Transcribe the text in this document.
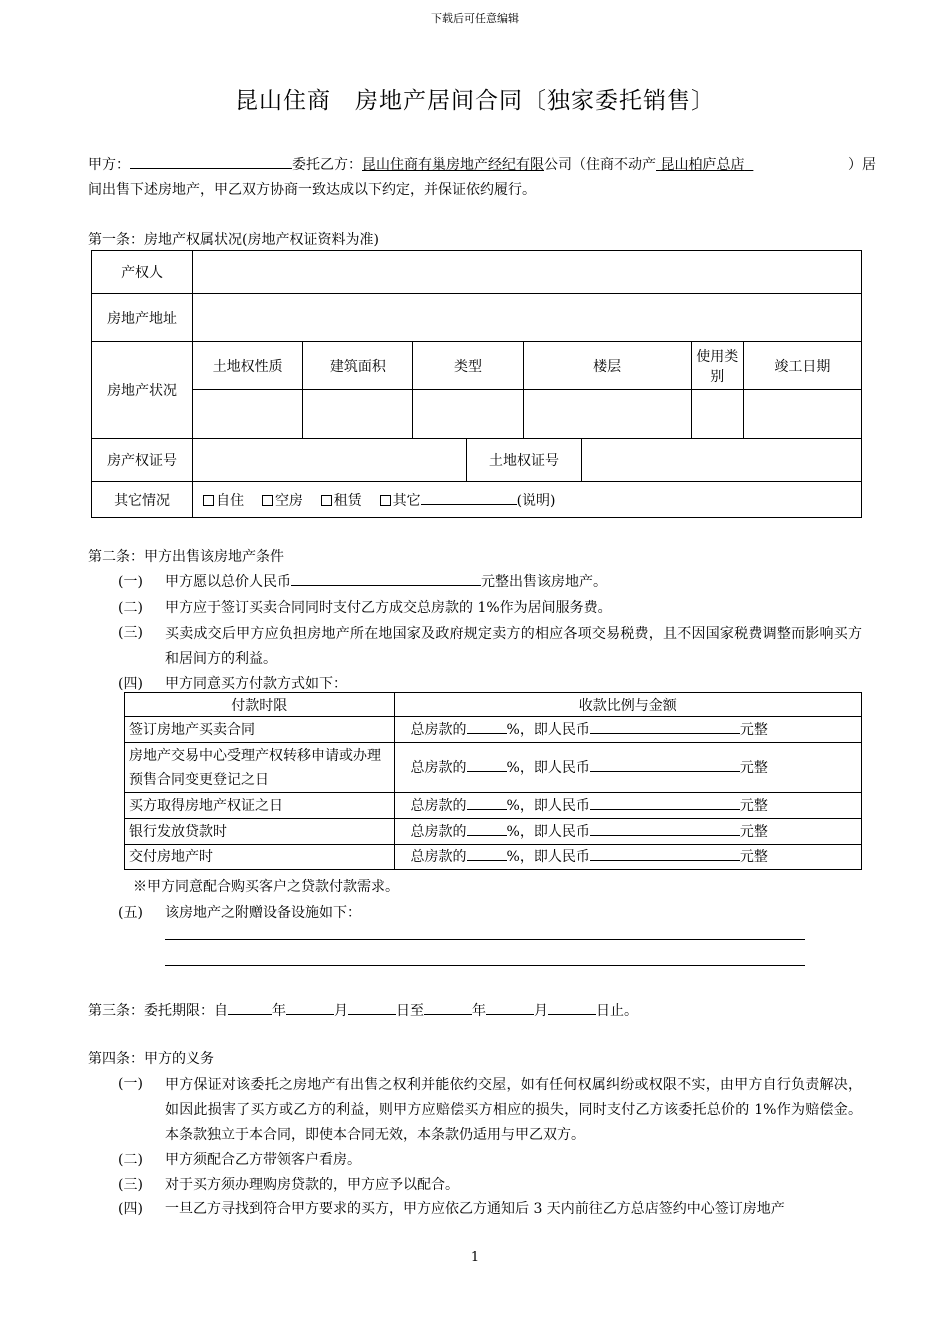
下载后可任意编辑
昆山住商　房地产居间合同〔独家委托销售〕
甲方：	委托乙方：昆山住商有巢房地产经纪有限公司（住商不动产 昆山柏庐总店	）居
间出售下述房地产，甲乙双方协商一致达成以下约定，并保证依约履行。
第一条：房地产权属状况(房地产权证资料为准)
产权人								
房地产地址								
房地产状况	土地权性质	建筑面积	类型		楼层		使用类别	竣工日期

房产权证号				土地权证号				
其它情况	自住 空房 租赁 其它 (说明)							
第二条：甲方出售该房地产条件
(一) 甲方愿以总价人民币	元整出售该房地产。
(二) 甲方应于签订买卖合同同时支付乙方成交总房款的 1%作为居间服务费。
(三) 买卖成交后甲方应负担房地产所在地国家及政府规定卖方的相应各项交易税费，且不因国家税费调整而影响买方和居间方的利益。
(四) 甲方同意买方付款方式如下：
付款时限	收款比例与金额
签订房地产买卖合同	总房款的 %，即人民币 元整
房地产交易中心受理产权转移申请或办理预售合同变更登记之日	总房款的 %，即人民币 元整
买方取得房地产权证之日	总房款的 %，即人民币 元整
银行发放贷款时	总房款的 %，即人民币 元整
交付房地产时	总房款的 %，即人民币 元整
※甲方同意配合购买客户之贷款付款需求。
(五) 该房地产之附赠设备设施如下：
第三条：委托期限：自	年	月	日至	年	月	日止。
第四条：甲方的义务
(一) 甲方保证对该委托之房地产有出售之权利并能依约交屋，如有任何权属纠纷或权限不实，由甲方自行负责解决，如因此损害了买方或乙方的利益，则甲方应赔偿买方相应的损失，同时支付乙方该委托总价的 1%作为赔偿金。本条款独立于本合同，即使本合同无效，本条款仍适用与甲乙双方。
(二) 甲方须配合乙方带领客户看房。
(三) 对于买方须办理购房贷款的，甲方应予以配合。
(四) 一旦乙方寻找到符合甲方要求的买方，甲方应依乙方通知后 3 天内前往乙方总店签约中心签订房地产
1
